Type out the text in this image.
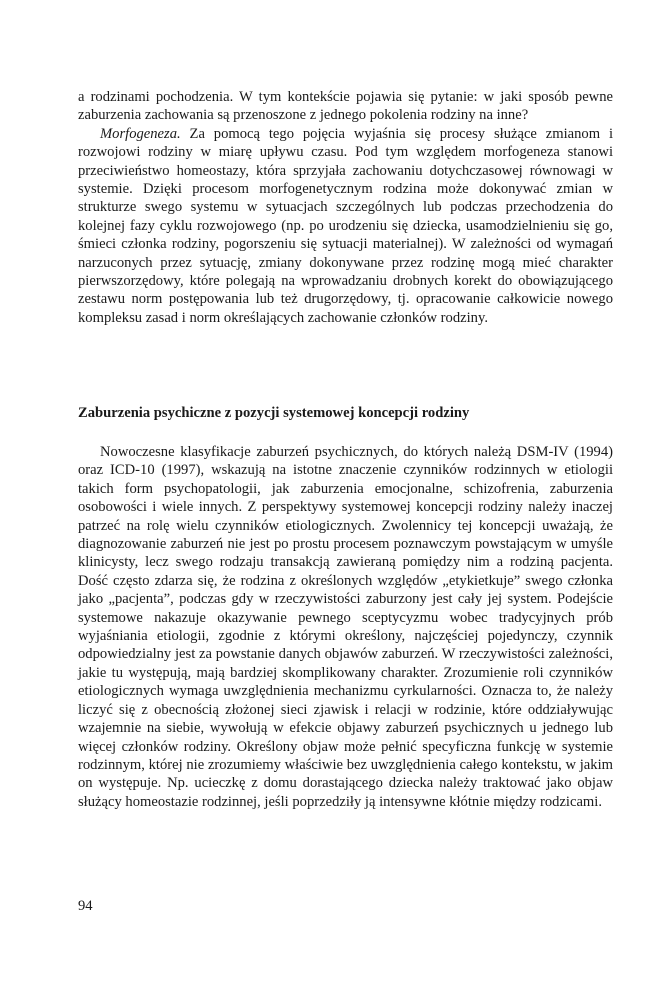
a rodzinami pochodzenia. W tym kontekście pojawia się pytanie: w jaki sposób pewne zaburzenia zachowania są przenoszone z jednego pokolenia rodziny na inne?

Morfogeneza. Za pomocą tego pojęcia wyjaśnia się procesy służące zmianom i rozwojowi rodziny w miarę upływu czasu. Pod tym względem morfogeneza stanowi przeciwieństwo homeostazy, która sprzyjała zachowaniu dotychczasowej równowagi w systemie. Dzięki procesom morfogenetycznym rodzina może dokonywać zmian w strukturze swego systemu w sytuacjach szczególnych lub podczas przechodzenia do kolejnej fazy cyklu rozwojowego (np. po urodzeniu się dziecka, usamodzielnieniu się go, śmieci członka rodziny, pogorszeniu się sytuacji materialnej). W zależności od wymagań narzuconych przez sytuację, zmiany dokonywane przez rodzinę mogą mieć charakter pierwszorzędowy, które polegają na wprowadzaniu drobnych korekt do obowiązującego zestawu norm postępowania lub też drugorzędowy, tj. opracowanie całkowicie nowego kompleksu zasad i norm określających zachowanie członków rodziny.

Zaburzenia psychiczne z pozycji systemowej koncepcji rodziny

Nowoczesne klasyfikacje zaburzeń psychicznych, do których należą DSM-IV (1994) oraz ICD-10 (1997), wskazują na istotne znaczenie czynników rodzinnych w etiologii takich form psychopatologii, jak zaburzenia emocjonalne, schizofrenia, zaburzenia osobowości i wiele innych. Z perspektywy systemowej koncepcji rodziny należy inaczej patrzeć na rolę wielu czynników etiologicznych. Zwolennicy tej koncepcji uważają, że diagnozowanie zaburzeń nie jest po prostu procesem poznawczym powstającym w umyśle klinicysty, lecz swego rodzaju transakcją zawieraną pomiędzy nim a rodziną pacjenta. Dość często zdarza się, że rodzina z określonych względów „etykietkuje” swego członka jako „pacjenta”, podczas gdy w rzeczywistości zaburzony jest cały jej system. Podejście systemowe nakazuje okazywanie pewnego sceptycyzmu wobec tradycyjnych prób wyjaśniania etiologii, zgodnie z którymi określony, najczęściej pojedynczy, czynnik odpowiedzialny jest za powstanie danych objawów zaburzeń. W rzeczywistości zależności, jakie tu występują, mają bardziej skomplikowany charakter. Zrozumienie roli czynników etiologicznych wymaga uwzględnienia mechanizmu cyrkularności. Oznacza to, że należy liczyć się z obecnością złożonej sieci zjawisk i relacji w rodzinie, które oddziaływując wzajemnie na siebie, wywołują w efekcie objawy zaburzeń psychicznych u jednego lub więcej członków rodziny. Określony objaw może pełnić specyficzna funkcję w systemie rodzinnym, której nie zrozumiemy właściwie bez uwzględnienia całego kontekstu, w jakim on występuje. Np. ucieczkę z domu dorastającego dziecka należy traktować jako objaw służący homeostazie rodzinnej, jeśli poprzedziły ją intensywne kłótnie między rodzicami.

94
